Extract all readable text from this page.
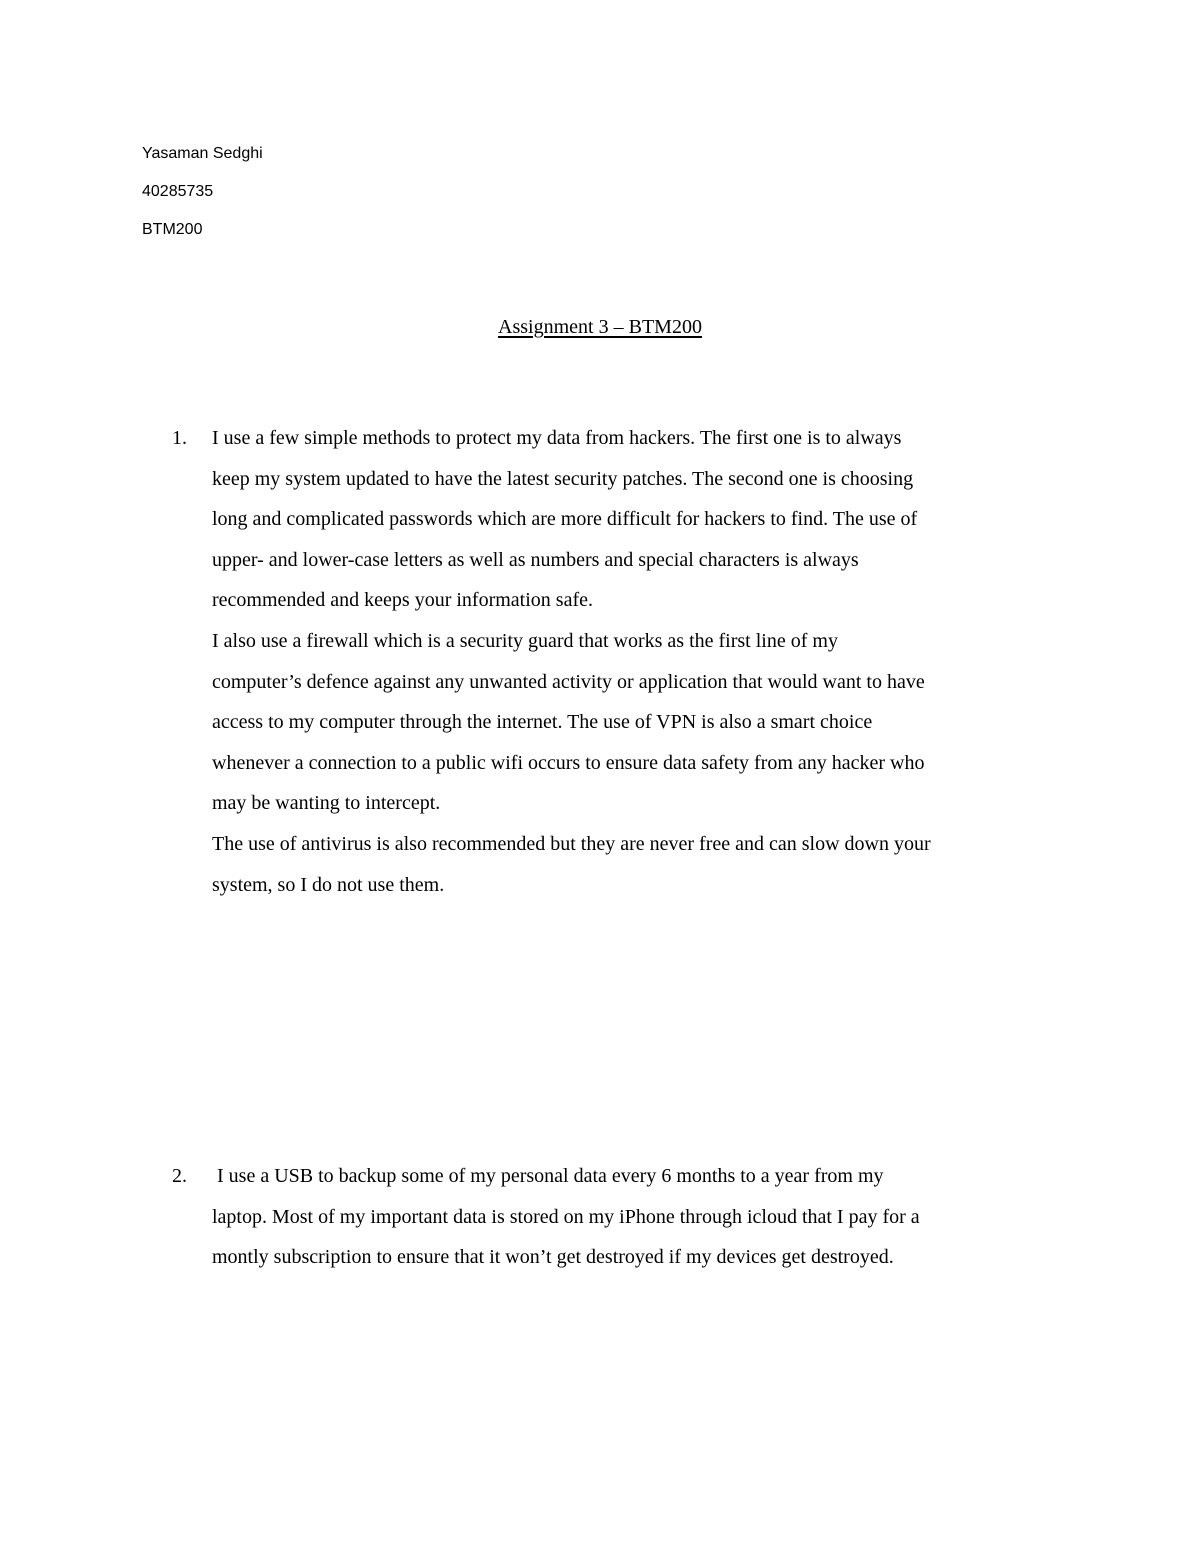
Yasaman Sedghi
40285735
BTM200
Assignment 3 – BTM200
1. I use a few simple methods to protect my data from hackers. The first one is to always
keep my system updated to have the latest security patches. The second one is choosing
long and complicated passwords which are more difficult for hackers to find. The use of
upper- and lower-case letters as well as numbers and special characters is always
recommended and keeps your information safe.
I also use a firewall which is a security guard that works as the first line of my
computer’s defence against any unwanted activity or application that would want to have
access to my computer through the internet. The use of VPN is also a smart choice
whenever a connection to a public wifi occurs to ensure data safety from any hacker who
may be wanting to intercept.
The use of antivirus is also recommended but they are never free and can slow down your
system, so I do not use them.
2. I use a USB to backup some of my personal data every 6 months to a year from my
laptop. Most of my important data is stored on my iPhone through icloud that I pay for a
montly subscription to ensure that it won’t get destroyed if my devices get destroyed.
